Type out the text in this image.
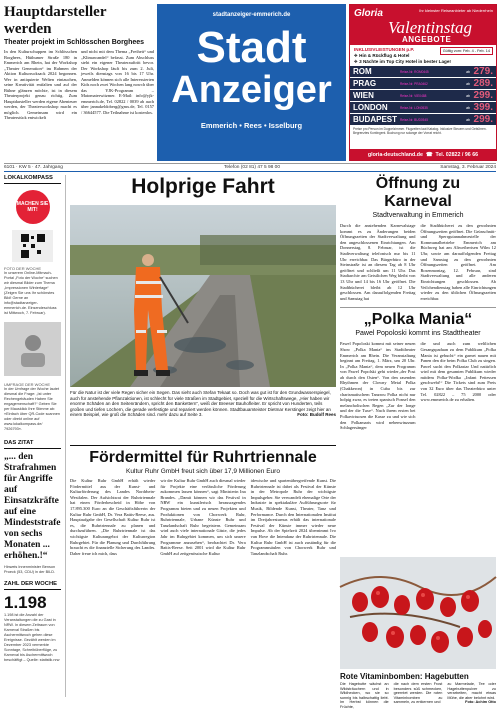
Hauptdarsteller werden
Theater projekt im Schlösschen Borghees

In den Kulturschuppen im Schlösschen Borghees, Hüthumer Straße 180 in Emmerich am Rhein, hat der Workshop „Theater Generation“ im Rahmen der Aktion Kulturrucksack 2024 begonnen. Wer in antiquierte Welten eintauchen, seine Kreativität entfalten und auf der Bühne glänzen möchte, ist in diesem Theaterprojekt genau richtig. Zum Hauptdarsteller werden eigene Abenteuer werden, der Theaterworkshop macht es möglich. Gemeinsam wird ein Theaterstück entwickelt

und nicht mit dem Thema „Freiheit“ und „Klimawandel“ befasst. Zum Abschluss steht ein eigener Theaterauftritt bevor. Der Workshop läuft bis zum 2. Juli, jeweils dienstags von 16 bis 17 Uhr. Anmelden können sich alle Interessierten Kids noch zwei Wochen lang nowch über das YJK-Programm – Matomaterwitzmer. E-Mail: info@yjk-emmerich.de, Tel. 02822 / 0039 ab auch über jannakeldoberg@gmx.de, Tel. 0157 / 36644577. Die Teilnahme ist kostenlos.

stadtanzeiger-emmerich.de
Stadt
Anzeiger
Emmerich • Rees • Isselburg
Gloria	Ihr kleinster Reiseanbieter ab Niederrhein
Valentinstag
ANGEBOTE
Gültig vom: Feb. 4 - Feb. 14
INKLUSIVLEISTUNGEN p.P.
✈ Hin & Rückflug & Hotel
✈ 3 Nächte im Top City Hotel in bester Lage!
ROM	Reise-Nr. ROM0445	ab 279.
PRAG	Reise-Nr. PRA0462	ab 289.
WIEN	Reise-Nr. VIE0488	ab 299.
LONDON	Reise-Nr. LON0535	ab 399.
BUDAPEST Reise-Nr. BUD0545	ab 299.
Preise pro Person im Doppelzimmer. Flugzeiten laut Katalog. Inklusive Steuern und Gebühren. Begrenztes Kontingent. Buchung nur solange der Vorrat reicht.
gloria-deutschland.de ☎ Tel. 02822 / 96 66
6101 · KW 5 · 47. Jahrgang	Telefon (02 81) 47 5 98 00	Samstag, 3. Februar 2024
LOKALKOMPASS
MACHEN SIE MIT!
FOTO DER WOCHE
In unserem Online-Mitmach-Portal „Foto der Woche“ suchen wir diesmal Bilder zum Thema „Impressionen Wintertage“ (Zeigen Sie uns Ihr schönstes Bild! Gerne an info@stadtanzeiger-emmerich.de. Einsendeschluss ist Mittwoch, 7. Februar).
UMFRAGE DER WOCHE
In der Umfrage der Woche lautet diesmal die Frage: „Ist unter Rechengebäuden Haben Sie engagemenschaft?“ Geben Sie per Mausklick Ihre Stimme ab: »Einfach über QR-Code scannen oder direkt online auf www.lokalkompass.de/ 7926793«.
DAS ZITAT
„... den Strafrahmen für Angriffe auf Einsatzkräfte auf eine Mindeststrafe von sechs Monaten ... erhöhen.!“
Hinweis Innenminister Benson Proeck (53, CDU) in der BILD.
ZAHL DER WOCHE
1.198
1.198 ist die Anzahl der Veranstaltungen die zu Gast in NRW. In diesem Zeitraum von Karneval Straßen bis Aschermittwoch gehen diese Ereignisse. Gezählt werden im Dezember 2023 vermerkte Sonntage, Schreibüberflüge, zu Karneval bis Aschermittwoch beschäftigt – Quelle: statistik.nrw
Holprige Fahrt
Für die Natur ist der viele Regen sicher ein Segen. Das sieht auch Stefan Tekaat so. Doch was gut ist für den Grundwasserspiegel, auch für anstehende Pflanzaktionen, ist schlecht für viele Straßen im Stadtgebiet, speziell für die Wirtschaftswege, „Hier haben wir enorme Schäden an den Seitenrändern, spricht den Bankettern“, weiß der Breeser Bauhofleiter. Er spricht von Hunderten, teils großen und tiefen Löchern, die gerade verfestigte und repariert werden können. Stadtbauamteister Dietmar Kerstinger zeigt hier an einem Beispiel, wie groß die Schäden sind. mehr dazu auf Seite 3.	Foto: Budolf Rees
Fördermittel für Ruhrtriennale
Kultur Ruhr GmbH freut sich über 17,9 Millionen Euro

Die Kultur Ruhr GmbH erhält wieder Fördermittel aus der Kunst- und Kulturförderung des Landes Nordrhein-Westfalen. Der Aufsichtsrat der Ruhrtriennale hat einen Förderbescheid in Höhe von 17.895.300 Euro an die Geschäftsführerin der Kultur Ruhr GmbH, Dr. Vera Battis-Reese, aus. Hauptaufgabe der Gesellschaft Kultur Ruhr ist es, die Ruhrtriennale zu planen und durchzuführen. „Die Ruhrtriennale ist das wichtigste Kulturangebot der Kulturregion Ruhrgebiet. Für die Planung und Durchführung braucht es die finanzielle Sicherung des Landes. Daher freue ich mich, dass

wir der Kultur Ruhr GmbH auch diesmal wieder für Projekte eine verlässliche Förderung zukommen lassen können“, sagt Ministerin Ina Brandes. „Damit können wir das Festival in NRW ein kunstlerisch herausragendes Programm bieten und zu neuen Projekten und Produktionen von Chorwerk Ruhr, Ruhrtriennale, Urbane Künste Ruhr und Tanzlandschaft Ruhr begeistern. Gemeinsam wird auch viele internationale Gäste, die jedes Jahr im Ruhrgebiet kommen, um sich unsere Programme anzusehen“, beobachtet Dr. Vera Battis-Reese. Seit 2001 wird die Kultur Ruhr GmbH auf zeitgenössische Kultur

idewische und spartenübergreifende Kunst. Die Ruhrtriennale ist dabei als Festival der Künste in der Metropole Ruhr der wichtigste Impulsgeber. Sie verwandelt ehemalige Orte der Industrie in spektakuläre Aufführungsorte für Musik, Bildende Kunst, Theater, Tanz und Performance. Durch den Internationalen Institut im Dreijahresturnus erhält das internationale Festival der Künste immer wieder neue Impulse. Ab der Spielzeit 2024 übernimmt Ivo van Hove die Intendanz der Ruhrtriennale. Die Kultur Ruhr GmbH ist auch zuständig für die Programmsäulen von Chorwerk Ruhr und Tanzlandschaft Ruhr.

Öffnung zu Karneval
Stadtverwaltung in Emmerich

Durch die anstehenden Karnevalstage kommt es zu Änderungen beiden Öffnungszeiten der Stadtverwaltung und den angeschlossenen Einrichtungen. Am Donnerstag, 8. Februar, ist die Stadtverwaltung telefonisch nur bis 11 Uhr erreichbar. Das Bürgerbüro in der Steinstraße ist an diesem Tag ab 8 Uhr geöffnet und schließt um 11 Uhr. Das Stadtarchiv am Geistlichen Weg bleibt von 13 Uhr und 14 bis 16 Uhr geöffnet. Die Stadtbücherei bleibt ab 12 Uhr geschlossen. Am darauffolgenden Freitag und Samstag hat

die Stadtbücherei zu den gewohnten Öffnungszeiten geöffnet. Die Grünschnitt- und Sperrgutannahmestelle der Kommunalbetriebe Emmerich am Büchweg hat am Altweiberisen Wilm 12 Uhr, sowie am darauffolgenden Freitag und Samstag zu den gewohnten Öffnungszeiten geöffnet. Am Rosenmontag, 12. Februar, sind Stadtverwaltung und alle anderen Einrichtungen geschlossen. Ab Veilchendienstag haben alle Einrichtungen wieder zu den üblichen Öffnungszeiten erreichbar.

„Polka Mania“
Pawel Popoloski kommt ins Stadttheater

Pawel Popoloski kommt mit seiner neuen Show „Polka Mania“ ins Stadttheater Emmerich am Rhein. Die Veranstaltung beginnt am Freitag, 1. März, um 20 Uhr. In „Polka Mania“, dem neuen Programm von Pawel Popolski geht wieder„der Post ab durch den Osten“. Von den rasenden Rhythmen der Clowny Metal Polka (Chakkeron) in Cuba bis zur charismatischem Tanzrou Polka nicht nur holpig zwar, es treten spanisch Ponsel den melancholischen Regen „Zur der Ionge und der die Tuxe“. Nach ihrem ersten bei Polkavirtuosen die Kasse zu und wie sich den Polkamaris wird nebenwinzzum Schlagersänger

die und auch zum weltlichen Gesangspaduan zu dem Publikum „Polka Mania ist gebucht“ ein garnet nauen mit Panen den die beim Polka Club zu singen. Pawel sucht den Polkastar Und natürlich wird mit dem gesamten Publikum wieder mitdem Polka-Wodka „Infant Fettessen geschwebt!“ Die Tickets sind zum Preis von 32 Euro über das Theaterbüro unter Tel. 02822 – 75 2000 oder www.emmerich.de zu erhalten.

Rote Vitaminbomben: Hagebutten

Die Hagebutte wächst an Wildsträuchern und in Wildhecken, wo sie so sonnig bis halbschattig liebt. Im Herbst können die Früchte,

die nach dem ersten Frost besonders süß schmecken, geerntet werden. Die roten Vitaminbomben zu sammeln, zu entkernen und

zu Marmelade, Tee oder Hagebuttenpulver zu verarbeiten, macht etwas Mühe, die aber belohnt wird.

Foto: Achim Otto
